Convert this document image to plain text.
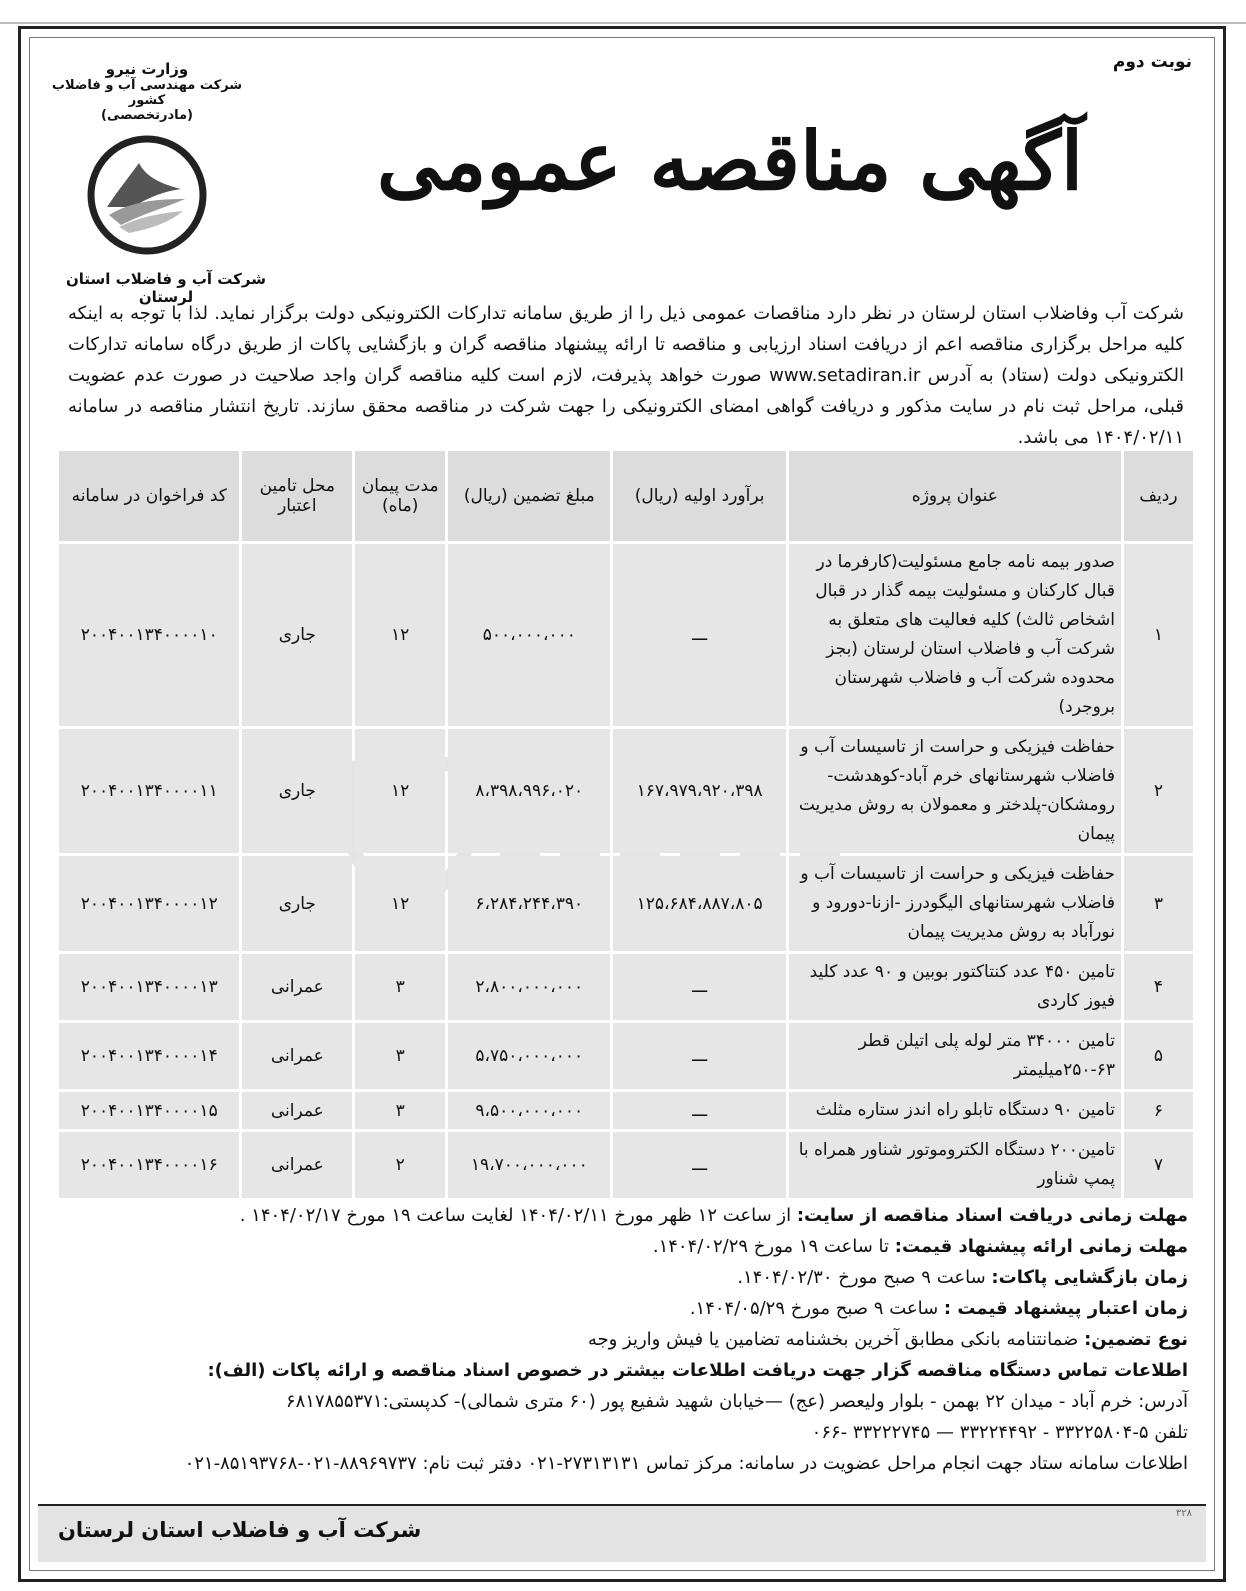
نوبت دوم
وزارت نیرو
شرکت مهندسی آب و فاضلاب کشور
(مادرتخصصی)
شرکت آب و فاضلاب استان لرستان
آگهی مناقصه عمومی
شرکت آب وفاضلاب استان لرستان در نظر دارد مناقصات عمومی ذیل را از طریق سامانه تدارکات الکترونیکی دولت برگزار نماید. لذا با توجه به اینکه کلیه مراحل برگزاری مناقصه اعم از دریافت اسناد ارزیابی و مناقصه تا ارائه پیشنهاد مناقصه گران و بازگشایی پاکات از طریق درگاه سامانه تدارکات الکترونیکی دولت (ستاد) به آدرس www.setadiran.ir صورت خواهد پذیرفت، لازم است کلیه مناقصه گران واجد صلاحیت در صورت عدم عضویت قبلی، مراحل ثبت نام در سایت مذکور و دریافت گواهی امضای الکترونیکی را جهت شرکت در مناقصه محقق سازند. تاریخ انتشار مناقصه در سامانه ۱۴۰۴/۰۲/۱۱ می باشد.
ردیف	عنوان پروژه	برآورد اولیه (ریال)	مبلغ تضمین (ریال)	مدت پیمان (ماه)	محل تامین اعتبار	کد فراخوان در سامانه
۱	صدور بیمه نامه جامع مسئولیت(کارفرما در قبال کارکنان و مسئولیت بیمه گذار در قبال اشخاص ثالث) کلیه فعالیت های متعلق به شرکت آب و فاضلاب استان لرستان (بجز محدوده شرکت آب و فاضلاب شهرستان بروجرد)	ـــ	۵۰۰،۰۰۰،۰۰۰	۱۲	جاری	۲۰۰۴۰۰۱۳۴۰۰۰۰۱۰
۲	حفاظت فیزیکی و حراست از تاسیسات آب و فاضلاب شهرستانهای خرم آباد-کوهدشت-رومشکان-پلدختر و معمولان به روش مدیریت پیمان	۱۶۷،۹۷۹،۹۲۰،۳۹۸	۸،۳۹۸،۹۹۶،۰۲۰	۱۲	جاری	۲۰۰۴۰۰۱۳۴۰۰۰۰۱۱
۳	حفاظت فیزیکی و حراست از تاسیسات آب و فاضلاب شهرستانهای الیگودرز -ازنا-دورود و نورآباد به روش مدیریت پیمان	۱۲۵،۶۸۴،۸۸۷،۸۰۵	۶،۲۸۴،۲۴۴،۳۹۰	۱۲	جاری	۲۰۰۴۰۰۱۳۴۰۰۰۰۱۲
۴	تامین ۴۵۰ عدد کنتاکتور بوبین و ۹۰ عدد کلید فیوز کاردی	ـــ	۲،۸۰۰،۰۰۰،۰۰۰	۳	عمرانی	۲۰۰۴۰۰۱۳۴۰۰۰۰۱۳
۵	تامین ۳۴۰۰۰ متر لوله پلی اتیلن قطر ۶۳-۲۵۰میلیمتر	ـــ	۵،۷۵۰،۰۰۰،۰۰۰	۳	عمرانی	۲۰۰۴۰۰۱۳۴۰۰۰۰۱۴
۶	تامین ۹۰ دستگاه تابلو راه اندز ستاره مثلث	ـــ	۹،۵۰۰،۰۰۰،۰۰۰	۳	عمرانی	۲۰۰۴۰۰۱۳۴۰۰۰۰۱۵
۷	تامین۲۰۰ دستگاه الکتروموتور شناور همراه با پمپ شناور	ـــ	۱۹،۷۰۰،۰۰۰،۰۰۰	۲	عمرانی	۲۰۰۴۰۰۱۳۴۰۰۰۰۱۶
مهلت زمانی دریافت اسناد مناقصه از سایت: از ساعت ۱۲ ظهر مورخ ۱۴۰۴/۰۲/۱۱ لغایت ساعت ۱۹ مورخ ۱۴۰۴/۰۲/۱۷ .
مهلت زمانی ارائه پیشنهاد قیمت: تا ساعت ۱۹ مورخ ۱۴۰۴/۰۲/۲۹.
زمان بازگشایی پاکات: ساعت ۹ صبح مورخ ۱۴۰۴/۰۲/۳۰.
زمان اعتبار پیشنهاد قیمت : ساعت ۹ صبح مورخ ۱۴۰۴/۰۵/۲۹.
نوع تضمین: ضمانتنامه بانکی مطابق آخرین بخشنامه تضامین یا فیش واریز وجه
اطلاعات تماس دستگاه مناقصه گزار جهت دریافت اطلاعات بیشتر در خصوص اسناد مناقصه و ارائه پاکات (الف):
آدرس: خرم آباد - میدان ۲۲ بهمن - بلوار ولیعصر (عج) —خیابان شهید شفیع پور (۶۰ متری شمالی)- کدپستی:۶۸۱۷۸۵۵۳۷۱
تلفن ۵-۳۳۲۲۵۸۰۴ - ۳۳۲۲۴۴۹۲ — ۳۳۲۲۲۷۴۵ -۰۶۶
اطلاعات سامانه ستاد جهت انجام مراحل عضویت در سامانه: مرکز تماس ۲۷۳۱۳۱۳۱-۰۲۱ دفتر ثبت نام: ۸۸۹۶۹۷۳۷-۰۲۱-۸۵۱۹۳۷۶۸-۰۲۱
۳۲۸
شرکت آب و فاضلاب استان لرستان
